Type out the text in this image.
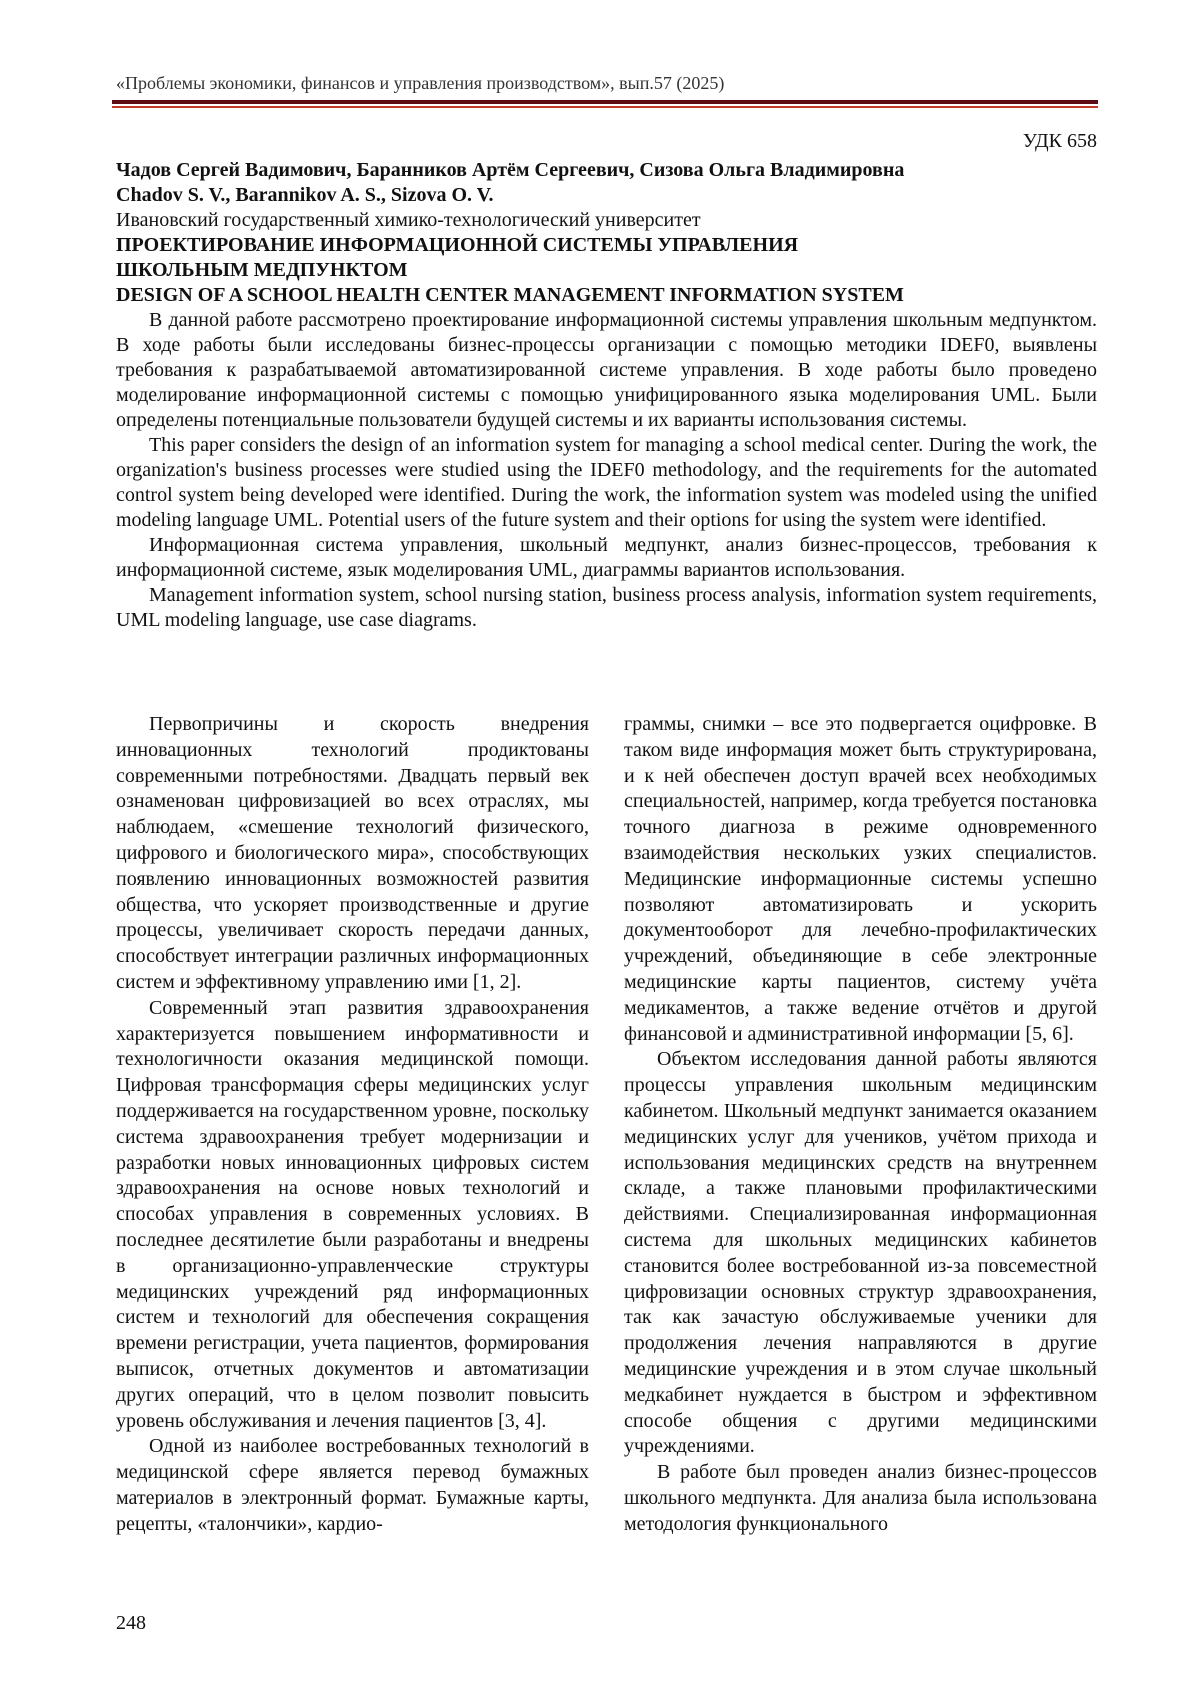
«Проблемы экономики, финансов и управления производством», вып.57 (2025)
УДК 658
Чадов Сергей Вадимович, Баранников Артём Сергеевич, Сизова Ольга Владимировна
Chadov S. V., Barannikov A. S., Sizova O. V.
Ивановский государственный химико-технологический университет
ПРОЕКТИРОВАНИЕ ИНФОРМАЦИОННОЙ СИСТЕМЫ УПРАВЛЕНИЯ
ШКОЛЬНЫМ МЕДПУНКТОМ
DESIGN OF A SCHOOL HEALTH CENTER MANAGEMENT INFORMATION SYSTEM

В данной работе рассмотрено проектирование информационной системы управления школьным медпунктом. В ходе работы были исследованы бизнес-процессы организации с помощью методики IDEF0, выявлены требования к разрабатываемой автоматизированной системе управления. В ходе работы было проведено моделирование информационной системы с помощью унифицированного языка моделирования UML. Были определены потенциальные пользователи будущей системы и их варианты использования системы.

This paper considers the design of an information system for managing a school medical center. During the work, the organization's business processes were studied using the IDEF0 methodology, and the requirements for the automated control system being developed were identified. During the work, the information system was modeled using the unified modeling language UML. Potential users of the future system and their options for using the system were identified.

Информационная система управления, школьный медпункт, анализ бизнес-процессов, требования к информационной системе, язык моделирования UML, диаграммы вариантов использования.

Management information system, school nursing station, business process analysis, information system requirements, UML modeling language, use case diagrams.

Первопричины и скорость внедрения инновационных технологий продиктованы современными потребностями. Двадцать первый век ознаменован цифровизацией во всех отраслях, мы наблюдаем, «смешение технологий физического, цифрового и биологического мира», способствующих появлению инновационных возможностей развития общества, что ускоряет производственные и другие процессы, увеличивает скорость передачи данных, способствует интеграции различных информационных систем и эффективному управлению ими [1, 2].

Современный этап развития здравоохранения характеризуется повышением информативности и технологичности оказания медицинской помощи. Цифровая трансформация сферы медицинских услуг поддерживается на государственном уровне, поскольку система здравоохранения требует модернизации и разработки новых инновационных цифровых систем здравоохранения на основе новых технологий и способах управления в современных условиях. В последнее десятилетие были разработаны и внедрены в организационно-управленческие структуры медицинских учреждений ряд информационных систем и технологий для обеспечения сокращения времени регистрации, учета пациентов, формирования выписок, отчетных документов и автоматизации других операций, что в целом позволит повысить уровень обслуживания и лечения пациентов [3, 4].

Одной из наиболее востребованных технологий в медицинской сфере является перевод бумажных материалов в электронный формат. Бумажные карты, рецепты, «талончики», кардио-

граммы, снимки – все это подвергается оцифровке. В таком виде информация может быть структурирована, и к ней обеспечен доступ врачей всех необходимых специальностей, например, когда требуется постановка точного диагноза в режиме одновременного взаимодействия нескольких узких специалистов. Медицинские информационные системы успешно позволяют автоматизировать и ускорить документооборот для лечебно-профилактических учреждений, объединяющие в себе электронные медицинские карты пациентов, систему учёта медикаментов, а также ведение отчётов и другой финансовой и административной информации [5, 6].

Объектом исследования данной работы являются процессы управления школьным медицинским кабинетом. Школьный медпункт занимается оказанием медицинских услуг для учеников, учётом прихода и использования медицинских средств на внутреннем складе, а также плановыми профилактическими действиями. Специализированная информационная система для школьных медицинских кабинетов становится более востребованной из-за повсеместной цифровизации основных структур здравоохранения, так как зачастую обслуживаемые ученики для продолжения лечения направляются в другие медицинские учреждения и в этом случае школьный медкабинет нуждается в быстром и эффективном способе общения с другими медицинскими учреждениями.

В работе был проведен анализ бизнес-процессов школьного медпункта. Для анализа была использована методология функционального

248
